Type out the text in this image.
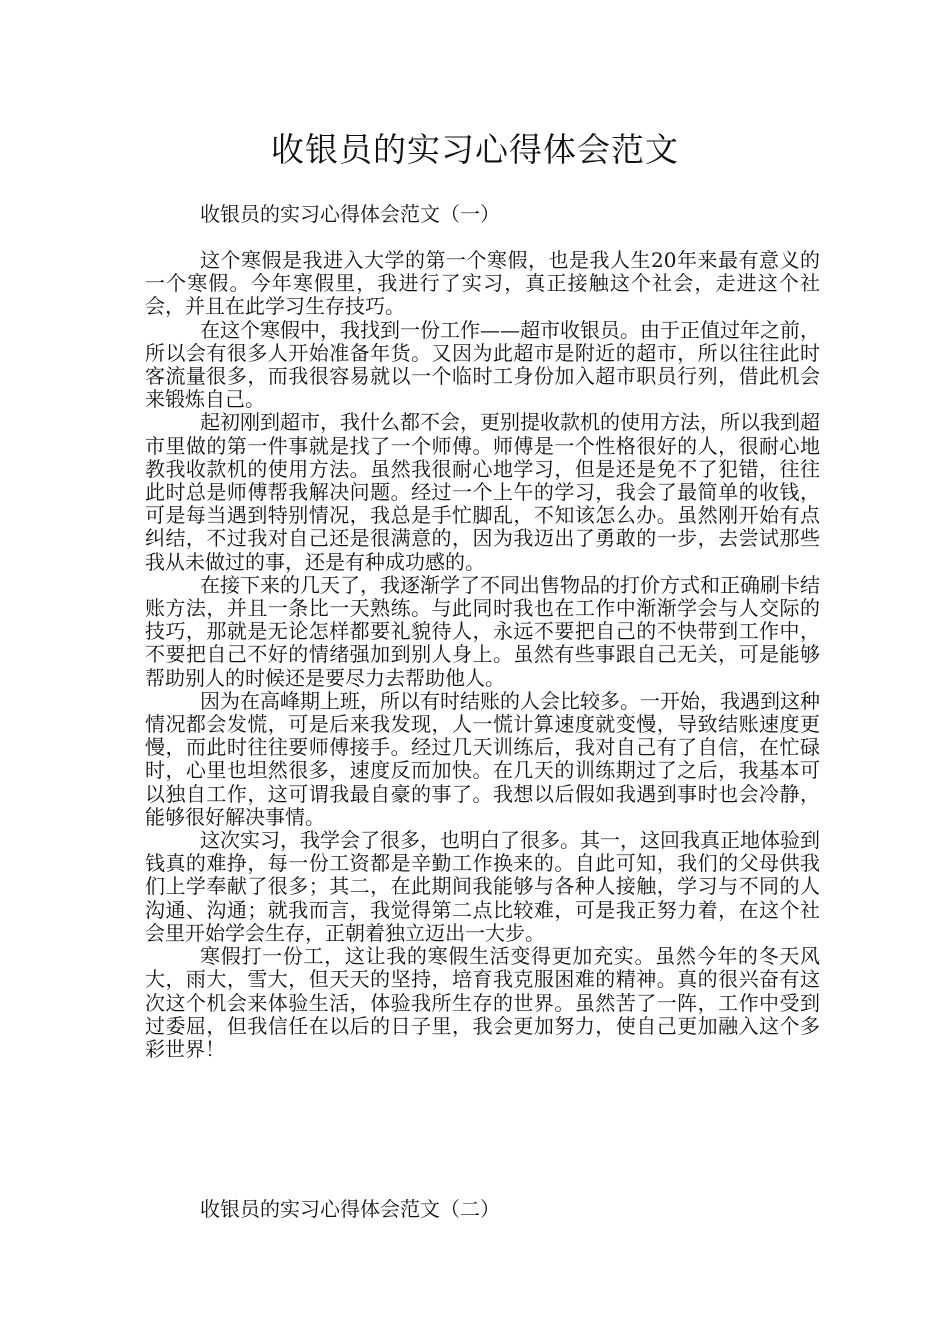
收银员的实习心得体会范文
收银员的实习心得体会范文（一）

这个寒假是我进入大学的第一个寒假，也是我人生20年来最有意义的一个寒假。今年寒假里，我进行了实习，真正接触这个社会，走进这个社会，并且在此学习生存技巧。

在这个寒假中，我找到一份工作——超市收银员。由于正值过年之前，所以会有很多人开始准备年货。又因为此超市是附近的超市，所以往往此时客流量很多，而我很容易就以一个临时工身份加入超市职员行列，借此机会来锻炼自己。

起初刚到超市，我什么都不会，更别提收款机的使用方法，所以我到超市里做的第一件事就是找了一个师傅。师傅是一个性格很好的人，很耐心地教我收款机的使用方法。虽然我很耐心地学习，但是还是免不了犯错，往往此时总是师傅帮我解决问题。经过一个上午的学习，我会了最简单的收钱，可是每当遇到特别情况，我总是手忙脚乱，不知该怎么办。虽然刚开始有点纠结，不过我对自己还是很满意的，因为我迈出了勇敢的一步，去尝试那些我从未做过的事，还是有种成功感的。

在接下来的几天了，我逐渐学了不同出售物品的打价方式和正确刷卡结账方法，并且一条比一天熟练。与此同时我也在工作中渐渐学会与人交际的技巧，那就是无论怎样都要礼貌待人，永远不要把自己的不快带到工作中，不要把自己不好的情绪强加到别人身上。虽然有些事跟自己无关，可是能够帮助别人的时候还是要尽力去帮助他人。

因为在高峰期上班，所以有时结账的人会比较多。一开始，我遇到这种情况都会发慌，可是后来我发现，人一慌计算速度就变慢，导致结账速度更慢，而此时往往要师傅接手。经过几天训练后，我对自己有了自信，在忙碌时，心里也坦然很多，速度反而加快。在几天的训练期过了之后，我基本可以独自工作，这可谓我最自豪的事了。我想以后假如我遇到事时也会冷静，能够很好解决事情。

这次实习，我学会了很多，也明白了很多。其一，这回我真正地体验到钱真的难挣，每一份工资都是辛勤工作换来的。自此可知，我们的父母供我们上学奉献了很多；其二，在此期间我能够与各种人接触，学习与不同的人沟通、沟通；就我而言，我觉得第二点比较难，可是我正努力着，在这个社会里开始学会生存，正朝着独立迈出一大步。

寒假打一份工，这让我的寒假生活变得更加充实。虽然今年的冬天风大，雨大，雪大，但天天的坚持，培育我克服困难的精神。真的很兴奋有这次这个机会来体验生活，体验我所生存的世界。虽然苦了一阵，工作中受到过委屈，但我信任在以后的日子里，我会更加努力，使自己更加融入这个多彩世界！

收银员的实习心得体会范文（二）
